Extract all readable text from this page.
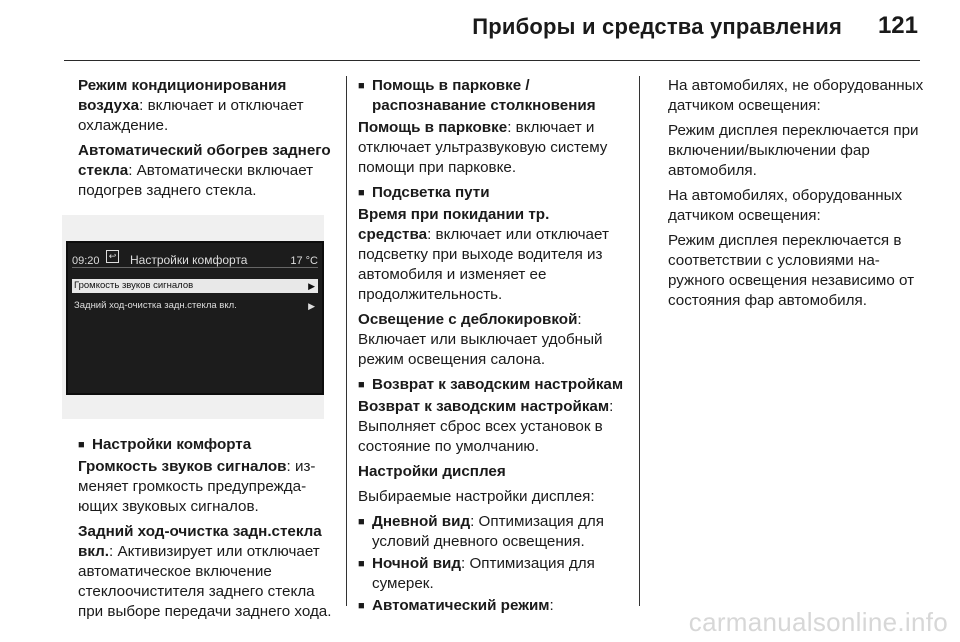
Приборы и средства управления 121

Режим кондиционирования воздуха: включает и отключает охлаждение.

Автоматический обогрев заднего стекла: Автоматически включает подогрев заднего стекла.

09:20	↩ Настройки комфорта	17 °C
Громкость звуков сигналов	▶
Задний ход-очистка задн.стекла вкл.	▶
■ Настройки комфорта

Громкость звуков сигналов: изменяет громкость предупреждающих звуковых сигналов.

Задний ход-очистка задн.стекла вкл.: Активизирует или отключает автоматическое включение стеклоочистителя заднего стекла при выборе передачи заднего хода.

■ Помощь в парковке / распознавание столкновения

Помощь в парковке: включает и отключает ультразвуковую систему помощи при парковке.

■ Подсветка пути

Время при покидании тр. средства: включает или отключает подсветку при выходе водителя из автомобиля и изменяет ее продолжительность.

Освещение с деблокировкой: Включает или выключает удобный режим освещения салона.

■ Возврат к заводским настройкам

Возврат к заводским настройкам: Выполняет сброс всех установок в состояние по умолчанию.

Настройки дисплея

Выбираемые настройки дисплея:

■ Дневной вид: Оптимизация для условий дневного освещения.
■ Ночной вид: Оптимизация для сумерек.
■ Автоматический режим:

На автомобилях, не оборудованных датчиком освещения:

Режим дисплея переключается при включении/выключении фар автомобиля.

На автомобилях, оборудованных датчиком освещения:

Режим дисплея переключается в соответствии с условиями наружного освещения независимо от состояния фар автомобиля.

carmanualsonline.info
